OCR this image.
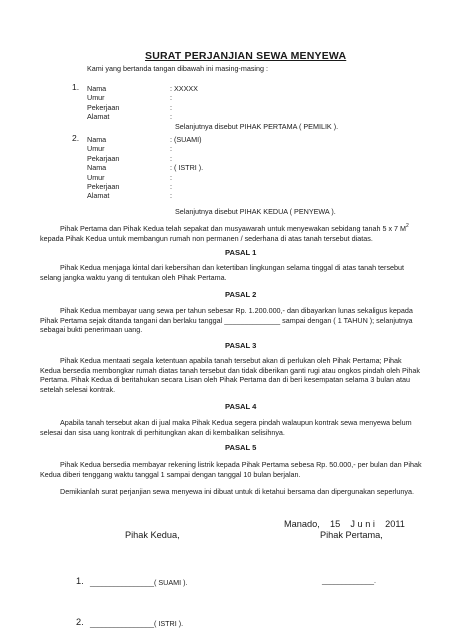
SURAT PERJANJIAN SEWA MENYEWA
Kami yang bertanda tangan dibawah ini masing-masing :
1. Nama
Umur
Pekerjaan
Alamat
: XXXXX
:
:
:
Selanjutnya disebut PIHAK PERTAMA ( PEMILIK ).
2. Nama
Umur
Pekarjaan
Nama
Umur
Pekerjaan
Alamat
: (SUAMI)
:
:
: ( ISTRI ).
:
:
:
Selanjutnya disebut PIHAK KEDUA ( PENYEWA ).
Pihak Pertama dan Pihak Kedua telah sepakat dan musyawarah untuk menyewakan sebidang tanah 5 x 7 $M^2$
kepada Pihak Kedua untuk membangun rumah non permanen / sederhana di atas tanah tersebut diatas.
PASAL 1
Pihak Kedua menjaga kintal dari kebersihan dan ketertiban lingkungan selama tinggal di atas tanah tersebut
selang jangka waktu yang di tentukan oleh Pihak Pertama.
PASAL 2
Pihak Kedua membayar uang sewa per tahun sebesar Rp. 1.200.000,- dan dibayarkan lunas sekaligus kepada
Pihak Pertama sejak ditanda tangani dan berlaku tanggal ______________ sampai dengan ( 1 TAHUN ); selanjutnya
sebagai bukti penerimaan uang.
PASAL 3
Pihak Kedua mentaati segala ketentuan apabila tanah tersebut akan di perlukan oleh Pihak Pertama; Pihak
Kedua bersedia membongkar rumah diatas tanah tersebut dan tidak diberikan ganti rugi atau ongkos pindah oleh Pihak
Pertama. Pihak Kedua di beritahukan secara Lisan oleh Pihak Pertama dan di beri kesempatan selama 3 bulan atau
setelah selesai kontrak.
PASAL 4
Apabila tanah tersebut akan di jual maka Pihak Kedua segera pindah walaupun kontrak sewa menyewa belum
selesai dan sisa uang kontrak di perhitungkan akan di kembalikan selisihnya.
PASAL 5
Pihak Kedua bersedia membayar rekening listrik kepada Pihak Pertama sebesa Rp. 50.000,- per bulan dan Pihak
Kedua diberi tenggang waktu tanggal 1 sampai dengan tanggal 10 bulan berjalan.
Demikianlah surat perjanjian sewa menyewa ini dibuat untuk di ketahui bersama dan dipergunakan seperlunya.
Manado,    15    J u n i    2011
Pihak Kedua,	Pihak Pertama,
1. ________________( SUAMI ).	_____________.
2. ________________( ISTRI ).
